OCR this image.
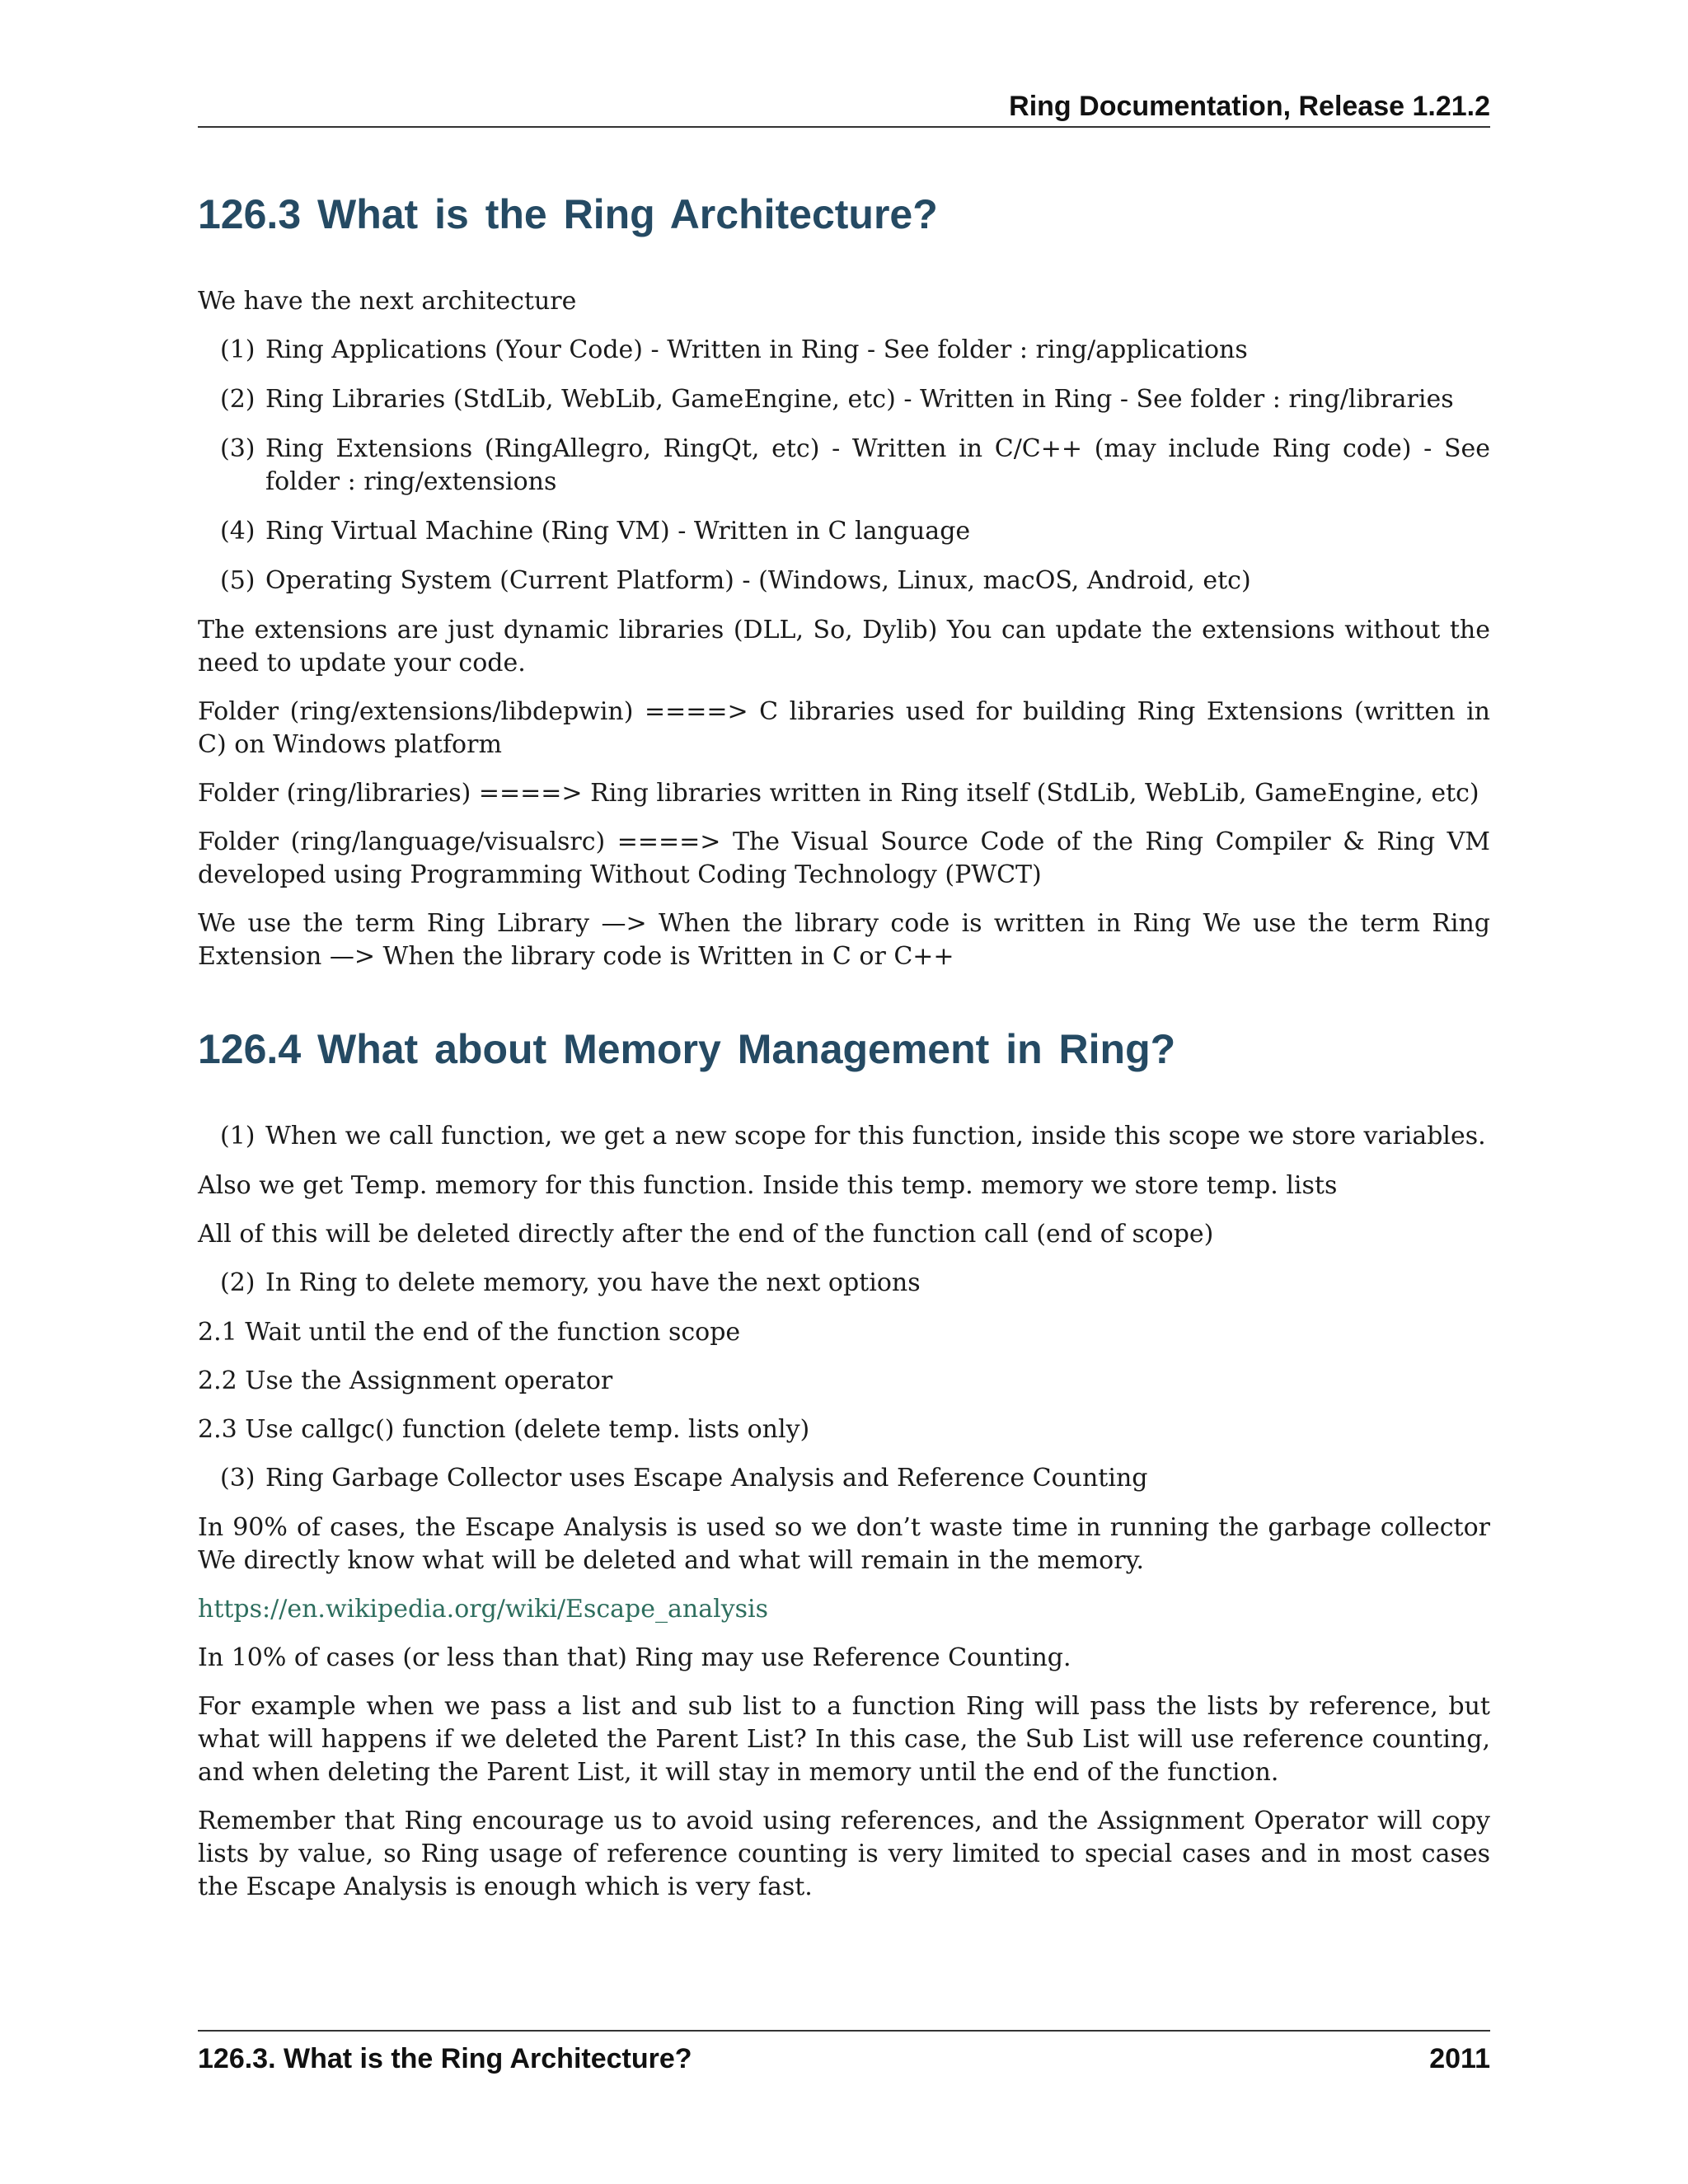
Ring Documentation, Release 1.21.2
126.3 What is the Ring Architecture?

We have the next architecture

(1) Ring Applications (Your Code) - Written in Ring - See folder : ring/applications
(2) Ring Libraries (StdLib, WebLib, GameEngine, etc) - Written in Ring - See folder : ring/libraries
(3) Ring Extensions (RingAllegro, RingQt, etc) - Written in C/C++ (may include Ring code) - See folder : ring/extensions
(4) Ring Virtual Machine (Ring VM) - Written in C language
(5) Operating System (Current Platform) - (Windows, Linux, macOS, Android, etc)

The extensions are just dynamic libraries (DLL, So, Dylib) You can update the extensions without the need to update your code.

Folder (ring/extensions/libdepwin) ====> C libraries used for building Ring Extensions (written in C) on Windows platform

Folder (ring/libraries) ====> Ring libraries written in Ring itself (StdLib, WebLib, GameEngine, etc)

Folder (ring/language/visualsrc) ====> The Visual Source Code of the Ring Compiler & Ring VM developed using Programming Without Coding Technology (PWCT)

We use the term Ring Library —> When the library code is written in Ring We use the term Ring Extension —> When the library code is Written in C or C++

126.4 What about Memory Management in Ring?
(1) When we call function, we get a new scope for this function, inside this scope we store variables.

Also we get Temp. memory for this function. Inside this temp. memory we store temp. lists

All of this will be deleted directly after the end of the function call (end of scope)

(2) In Ring to delete memory, you have the next options

2.1 Wait until the end of the function scope

2.2 Use the Assignment operator

2.3 Use callgc() function (delete temp. lists only)

(3) Ring Garbage Collector uses Escape Analysis and Reference Counting

In 90% of cases, the Escape Analysis is used so we don’t waste time in running the garbage collector We directly know what will be deleted and what will remain in the memory.

https://en.wikipedia.org/wiki/Escape_analysis

In 10% of cases (or less than that) Ring may use Reference Counting.

For example when we pass a list and sub list to a function Ring will pass the lists by reference, but what will happens if we deleted the Parent List? In this case, the Sub List will use reference counting, and when deleting the Parent List, it will stay in memory until the end of the function.

Remember that Ring encourage us to avoid using references, and the Assignment Operator will copy lists by value, so Ring usage of reference counting is very limited to special cases and in most cases the Escape Analysis is enough which is very fast.

126.3. What is the Ring Architecture?	2011
